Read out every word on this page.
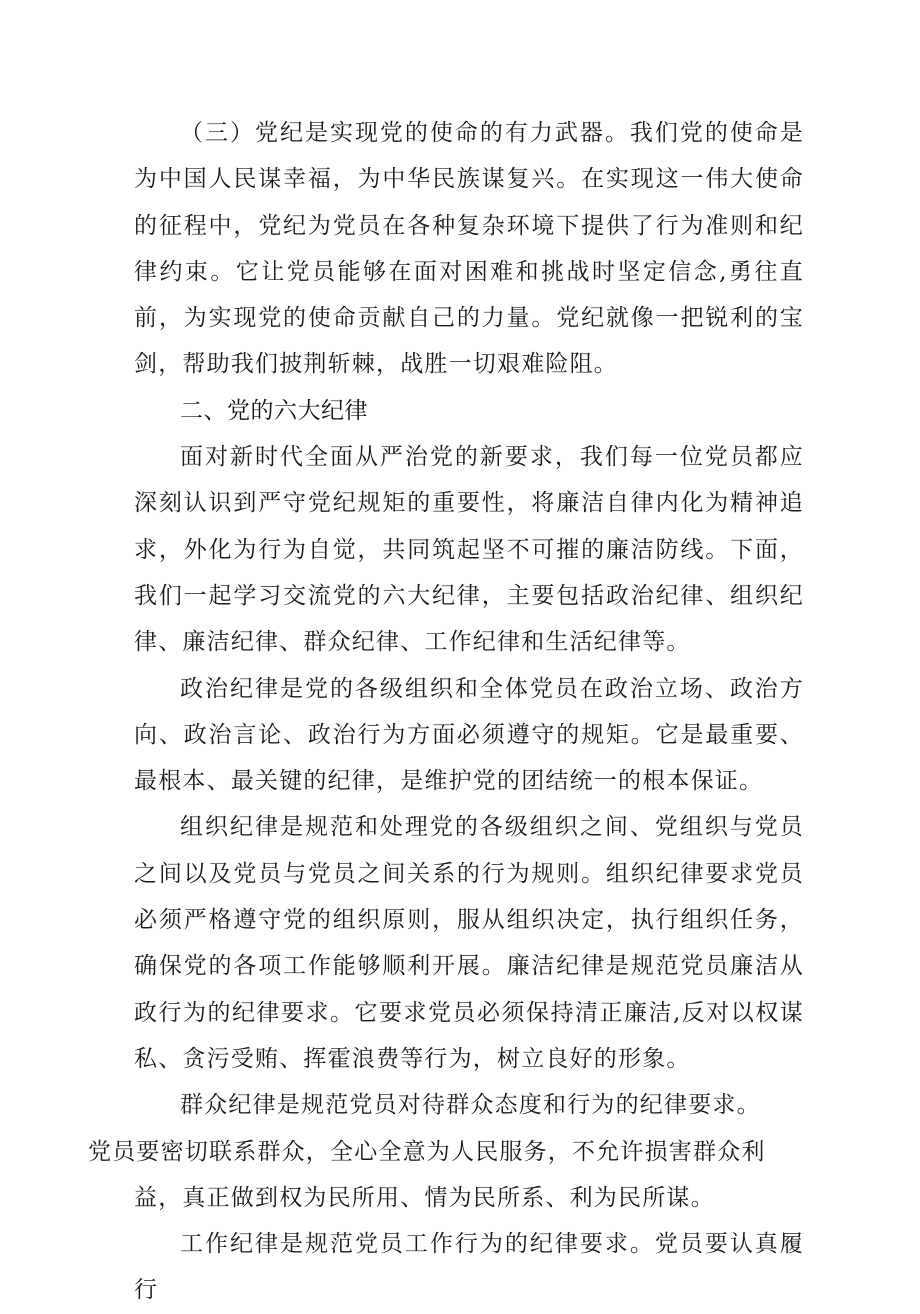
（三）党纪是实现党的使命的有力武器。我们党的使命是为中国人民谋幸福，为中华民族谋复兴。在实现这一伟大使命的征程中，党纪为党员在各种复杂环境下提供了行为准则和纪律约束。它让党员能够在面对困难和挑战时坚定信念,勇往直前，为实现党的使命贡献自己的力量。党纪就像一把锐利的宝剑，帮助我们披荆斩棘，战胜一切艰难险阻。

二、党的六大纪律

面对新时代全面从严治党的新要求，我们每一位党员都应深刻认识到严守党纪规矩的重要性，将廉洁自律内化为精神追求，外化为行为自觉，共同筑起坚不可摧的廉洁防线。下面，我们一起学习交流党的六大纪律，主要包括政治纪律、组织纪律、廉洁纪律、群众纪律、工作纪律和生活纪律等。

政治纪律是党的各级组织和全体党员在政治立场、政治方向、政治言论、政治行为方面必须遵守的规矩。它是最重要、最根本、最关键的纪律，是维护党的团结统一的根本保证。

组织纪律是规范和处理党的各级组织之间、党组织与党员之间以及党员与党员之间关系的行为规则。组织纪律要求党员必须严格遵守党的组织原则，服从组织决定，执行组织任务，确保党的各项工作能够顺利开展。廉洁纪律是规范党员廉洁从政行为的纪律要求。它要求党员必须保持清正廉洁,反对以权谋私、贪污受贿、挥霍浪费等行为，树立良好的形象。

群众纪律是规范党员对待群众态度和行为的纪律要求。
党员要密切联系群众，全心全意为人民服务，不允许损害群众利益，真正做到权为民所用、情为民所系、利为民所谋。

工作纪律是规范党员工作行为的纪律要求。党员要认真履行
